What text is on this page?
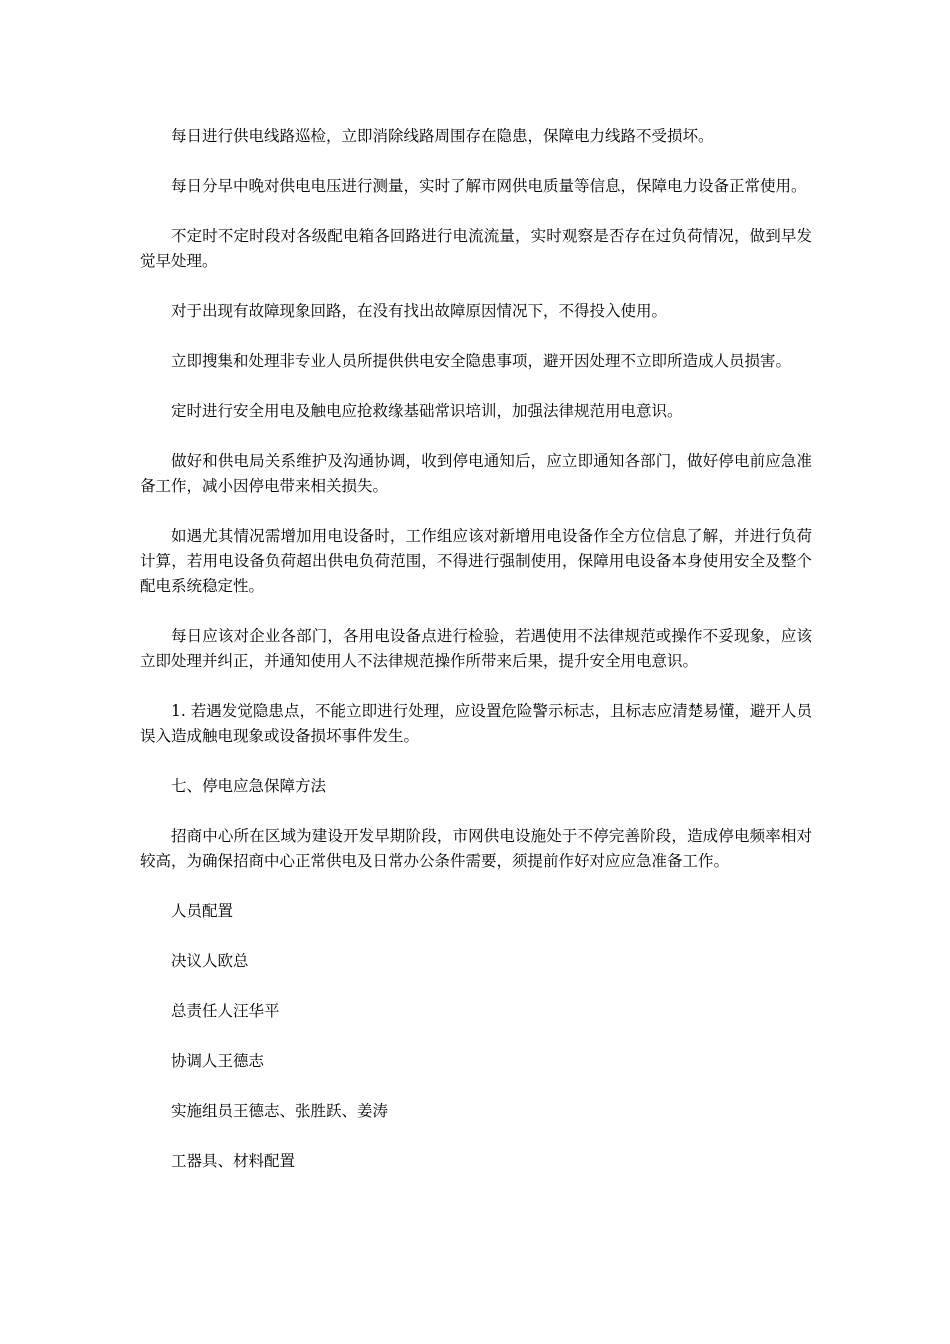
每日进行供电线路巡检，立即消除线路周围存在隐患，保障电力线路不受损坏。

每日分早中晚对供电电压进行测量，实时了解市网供电质量等信息，保障电力设备正常使用。

不定时不定时段对各级配电箱各回路进行电流流量，实时观察是否存在过负荷情况，做到早发觉早处理。

对于出现有故障现象回路，在没有找出故障原因情况下，不得投入使用。

立即搜集和处理非专业人员所提供供电安全隐患事项，避开因处理不立即所造成人员损害。

定时进行安全用电及触电应抢救缘基础常识培训，加强法律规范用电意识。

做好和供电局关系维护及沟通协调，收到停电通知后，应立即通知各部门，做好停电前应急准备工作，减小因停电带来相关损失。

如遇尤其情况需增加用电设备时，工作组应该对新增用电设备作全方位信息了解，并进行负荷计算，若用电设备负荷超出供电负荷范围，不得进行强制使用，保障用电设备本身使用安全及整个配电系统稳定性。

每日应该对企业各部门，各用电设备点进行检验，若遇使用不法律规范或操作不妥现象，应该立即处理并纠正，并通知使用人不法律规范操作所带来后果，提升安全用电意识。

1. 若遇发觉隐患点，不能立即进行处理，应设置危险警示标志，且标志应清楚易懂，避开人员误入造成触电现象或设备损坏事件发生。

七、停电应急保障方法

招商中心所在区域为建设开发早期阶段，市网供电设施处于不停完善阶段，造成停电频率相对较高，为确保招商中心正常供电及日常办公条件需要，须提前作好对应应急准备工作。

人员配置

决议人欧总

总责任人汪华平

协调人王德志

实施组员王德志、张胜跃、姜涛

工器具、材料配置
